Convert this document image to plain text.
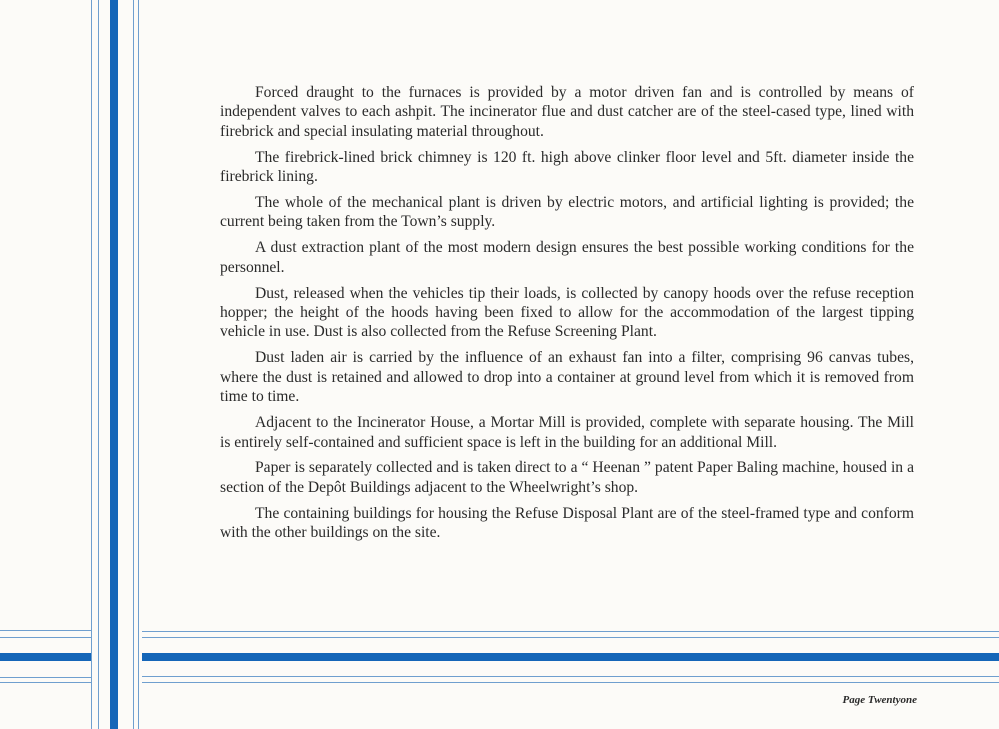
Forced draught to the furnaces is provided by a motor driven fan and is controlled by means of independent valves to each ashpit. The incinerator flue and dust catcher are of the steel-cased type, lined with firebrick and special insulating material throughout.

The firebrick-lined brick chimney is 120 ft. high above clinker floor level and 5ft. diameter inside the firebrick lining.

The whole of the mechanical plant is driven by electric motors, and artificial lighting is provided; the current being taken from the Town’s supply.

A dust extraction plant of the most modern design ensures the best possible working conditions for the personnel.

Dust, released when the vehicles tip their loads, is collected by canopy hoods over the refuse reception hopper; the height of the hoods having been fixed to allow for the accommodation of the largest tipping vehicle in use. Dust is also collected from the Refuse Screening Plant.

Dust laden air is carried by the influence of an exhaust fan into a filter, comprising 96 canvas tubes, where the dust is retained and allowed to drop into a container at ground level from which it is removed from time to time.

Adjacent to the Incinerator House, a Mortar Mill is provided, complete with separate housing. The Mill is entirely self-contained and sufficient space is left in the building for an additional Mill.

Paper is separately collected and is taken direct to a “ Heenan ” patent Paper Baling machine, housed in a section of the Depôt Buildings adjacent to the Wheelwright’s shop.

The containing buildings for housing the Refuse Disposal Plant are of the steel-framed type and conform with the other buildings on the site.

Page Twentyone
